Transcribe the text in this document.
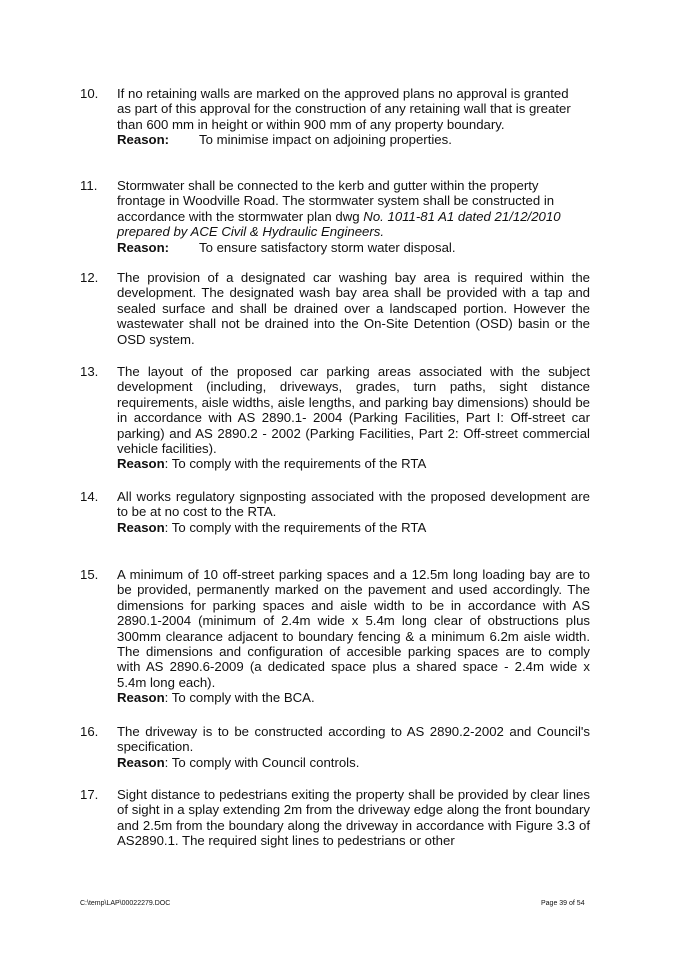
10. If no retaining walls are marked on the approved plans no approval is granted
as part of this approval for the construction of any retaining wall that is greater
than 600 mm in height or within 900 mm of any property boundary.
Reason: To minimise impact on adjoining properties.
11. Stormwater shall be connected to the kerb and gutter within the property
frontage in Woodville Road. The stormwater system shall be constructed in
accordance with the stormwater plan dwg No. 1011-81 A1 dated 21/12/2010
prepared by ACE Civil & Hydraulic Engineers.
Reason: To ensure satisfactory storm water disposal.
12. The provision of a designated car washing bay area is required within the development. The designated wash bay area shall be provided with a tap and sealed surface and shall be drained over a landscaped portion. However the wastewater shall not be drained into the On-Site Detention (OSD) basin or the OSD system.
13. The layout of the proposed car parking areas associated with the subject development (including, driveways, grades, turn paths, sight distance requirements, aisle widths, aisle lengths, and parking bay dimensions) should be in accordance with AS 2890.1- 2004 (Parking Facilities, Part I: Off-street car parking) and AS 2890.2 - 2002 (Parking Facilities, Part 2: Off-street commercial vehicle facilities).
Reason: To comply with the requirements of the RTA
14. All works regulatory signposting associated with the proposed development are to be at no cost to the RTA.
Reason: To comply with the requirements of the RTA
15. A minimum of 10 off-street parking spaces and a 12.5m long loading bay are to be provided, permanently marked on the pavement and used accordingly. The dimensions for parking spaces and aisle width to be in accordance with AS 2890.1-2004 (minimum of 2.4m wide x 5.4m long clear of obstructions plus 300mm clearance adjacent to boundary fencing & a minimum 6.2m aisle width. The dimensions and configuration of accesible parking spaces are to comply with AS 2890.6-2009 (a dedicated space plus a shared space - 2.4m wide x 5.4m long each).
Reason: To comply with the BCA.
16. The driveway is to be constructed according to AS 2890.2-2002 and Council's specification.
Reason: To comply with Council controls.
17. Sight distance to pedestrians exiting the property shall be provided by clear lines of sight in a splay extending 2m from the driveway edge along the front boundary and 2.5m from the boundary along the driveway in accordance with Figure 3.3 of AS2890.1. The required sight lines to pedestrians or other
C:\temp\LAP\00022279.DOC	Page 39 of 54
